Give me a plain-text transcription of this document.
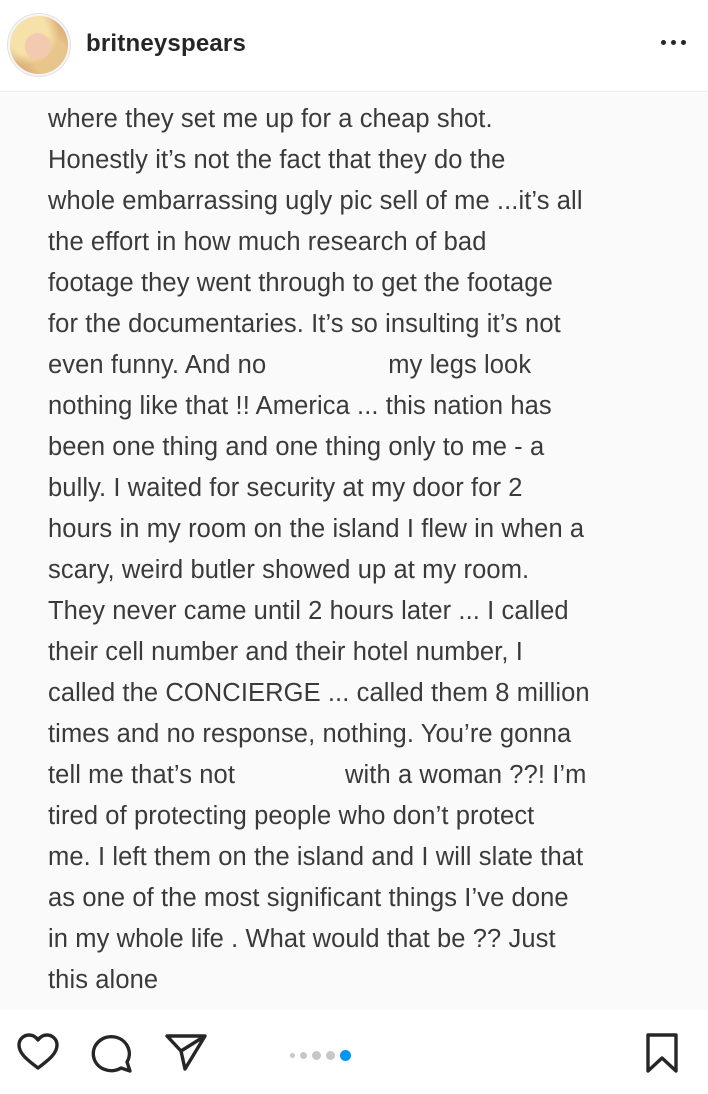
britneyspears
where they set me up for a cheap shot.
Honestly it’s not the fact that they do the
whole embarrassing ugly pic sell of me ...it’s all
the effort in how much research of bad
footage they went through to get the footage
for the documentaries. It’s so insulting it’s not
even funny. And no	my legs look
nothing like that !! America ... this nation has
been one thing and one thing only to me - a
bully. I waited for security at my door for 2
hours in my room on the island I flew in when a
scary, weird butler showed up at my room.
They never came until 2 hours later ... I called
their cell number and their hotel number, I
called the CONCIERGE ... called them 8 million
times and no response, nothing. You’re gonna
tell me that’s not	with a woman ??! I’m
tired of protecting people who don’t protect
me. I left them on the island and I will slate that
as one of the most significant things I’ve done
in my whole life . What would that be ?? Just
this alone
